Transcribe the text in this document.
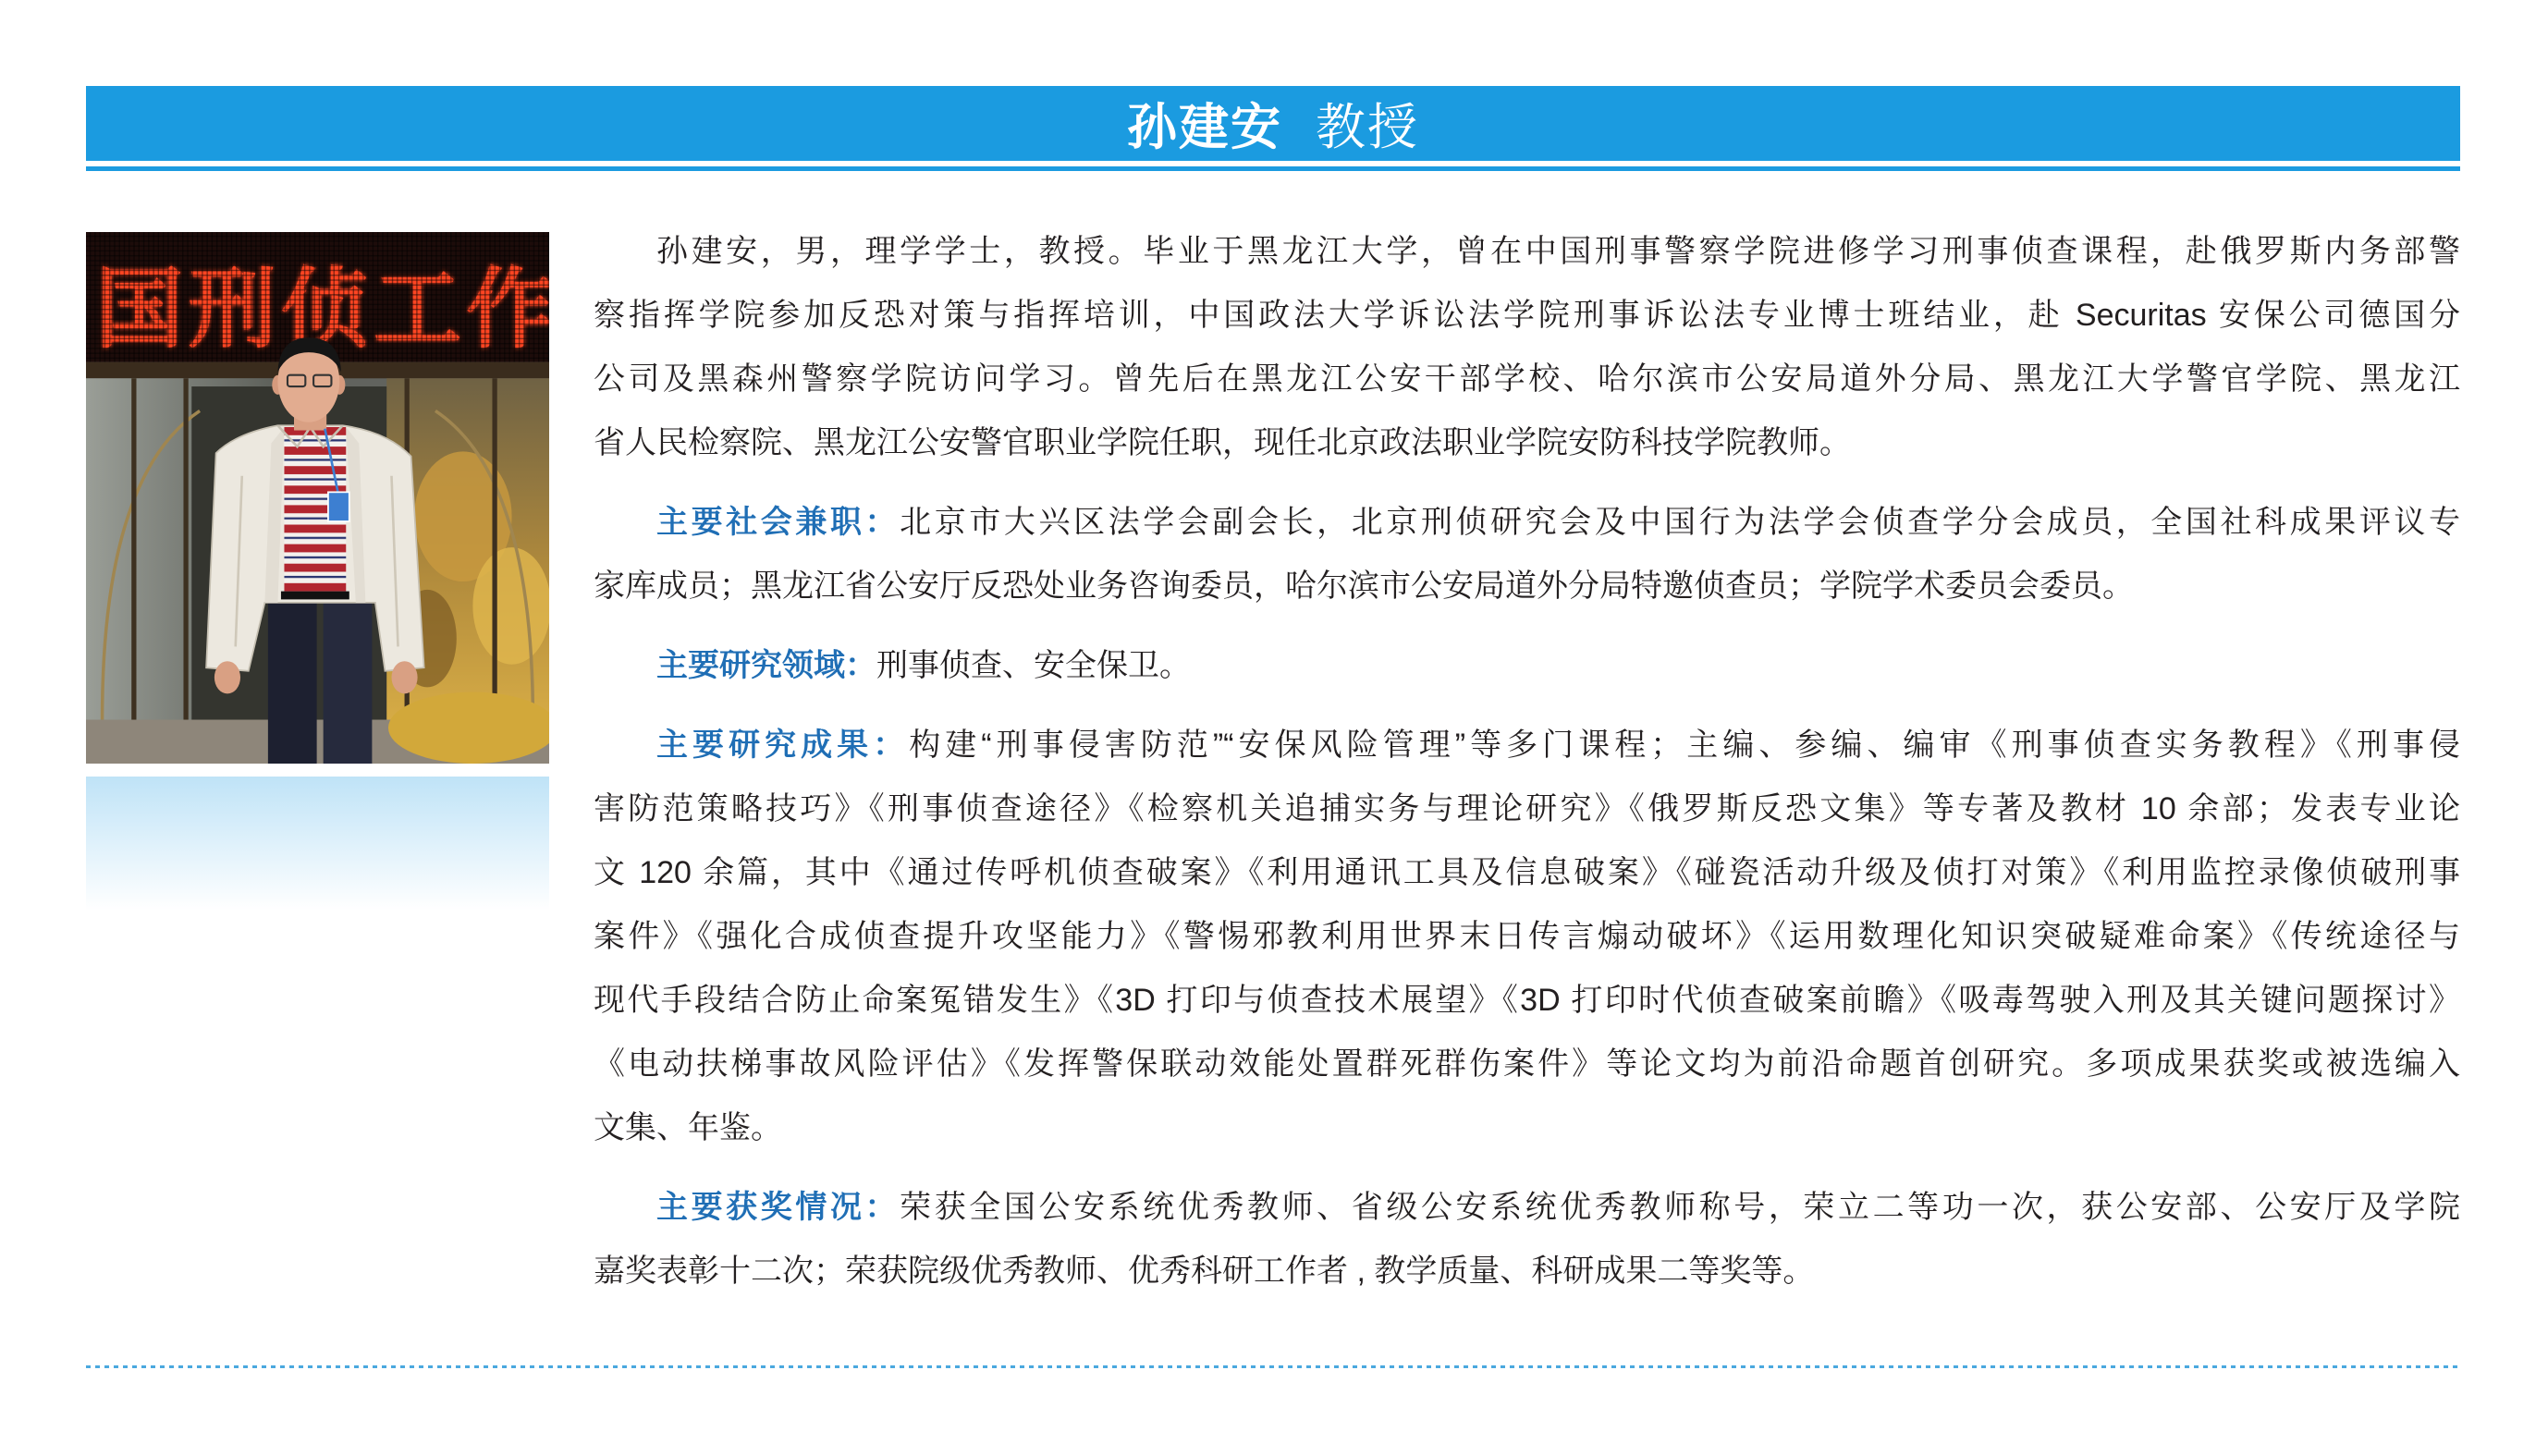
孙建安 教授
孙建安，男，理学学士，教授。毕业于黑龙江大学，曾在中国刑事警察学院进修学习刑事侦查课程，赴俄罗斯内务部警
察指挥学院参加反恐对策与指挥培训，中国政法大学诉讼法学院刑事诉讼法专业博士班结业，赴 Securitas 安保公司德国分
公司及黑森州警察学院访问学习。曾先后在黑龙江公安干部学校、哈尔滨市公安局道外分局、黑龙江大学警官学院、黑龙江
省人民检察院、黑龙江公安警官职业学院任职，现任北京政法职业学院安防科技学院教师。
主要社会兼职：北京市大兴区法学会副会长，北京刑侦研究会及中国行为法学会侦查学分会成员，全国社科成果评议专
家库成员；黑龙江省公安厅反恐处业务咨询委员，哈尔滨市公安局道外分局特邀侦查员；学院学术委员会委员。
主要研究领域：刑事侦查、安全保卫。
主要研究成果：构建“刑事侵害防范”“安保风险管理”等多门课程；主编、参编、编审《刑事侦查实务教程》《刑事侵
害防范策略技巧》《刑事侦查途径》《检察机关追捕实务与理论研究》《俄罗斯反恐文集》等专著及教材 10 余部；发表专业论
文 120 余篇，其中《通过传呼机侦查破案》《利用通讯工具及信息破案》《碰瓷活动升级及侦打对策》《利用监控录像侦破刑事
案件》《强化合成侦查提升攻坚能力》《警惕邪教利用世界末日传言煽动破坏》《运用数理化知识突破疑难命案》《传统途径与
现代手段结合防止命案冤错发生》《3D 打印与侦查技术展望》《3D 打印时代侦查破案前瞻》《吸毒驾驶入刑及其关键问题探讨》
《电动扶梯事故风险评估》《发挥警保联动效能处置群死群伤案件》等论文均为前沿命题首创研究。多项成果获奖或被选编入
文集、年鉴。
主要获奖情况：荣获全国公安系统优秀教师、省级公安系统优秀教师称号，荣立二等功一次，获公安部、公安厅及学院
嘉奖表彰十二次；荣获院级优秀教师、优秀科研工作者 , 教学质量、科研成果二等奖等。
